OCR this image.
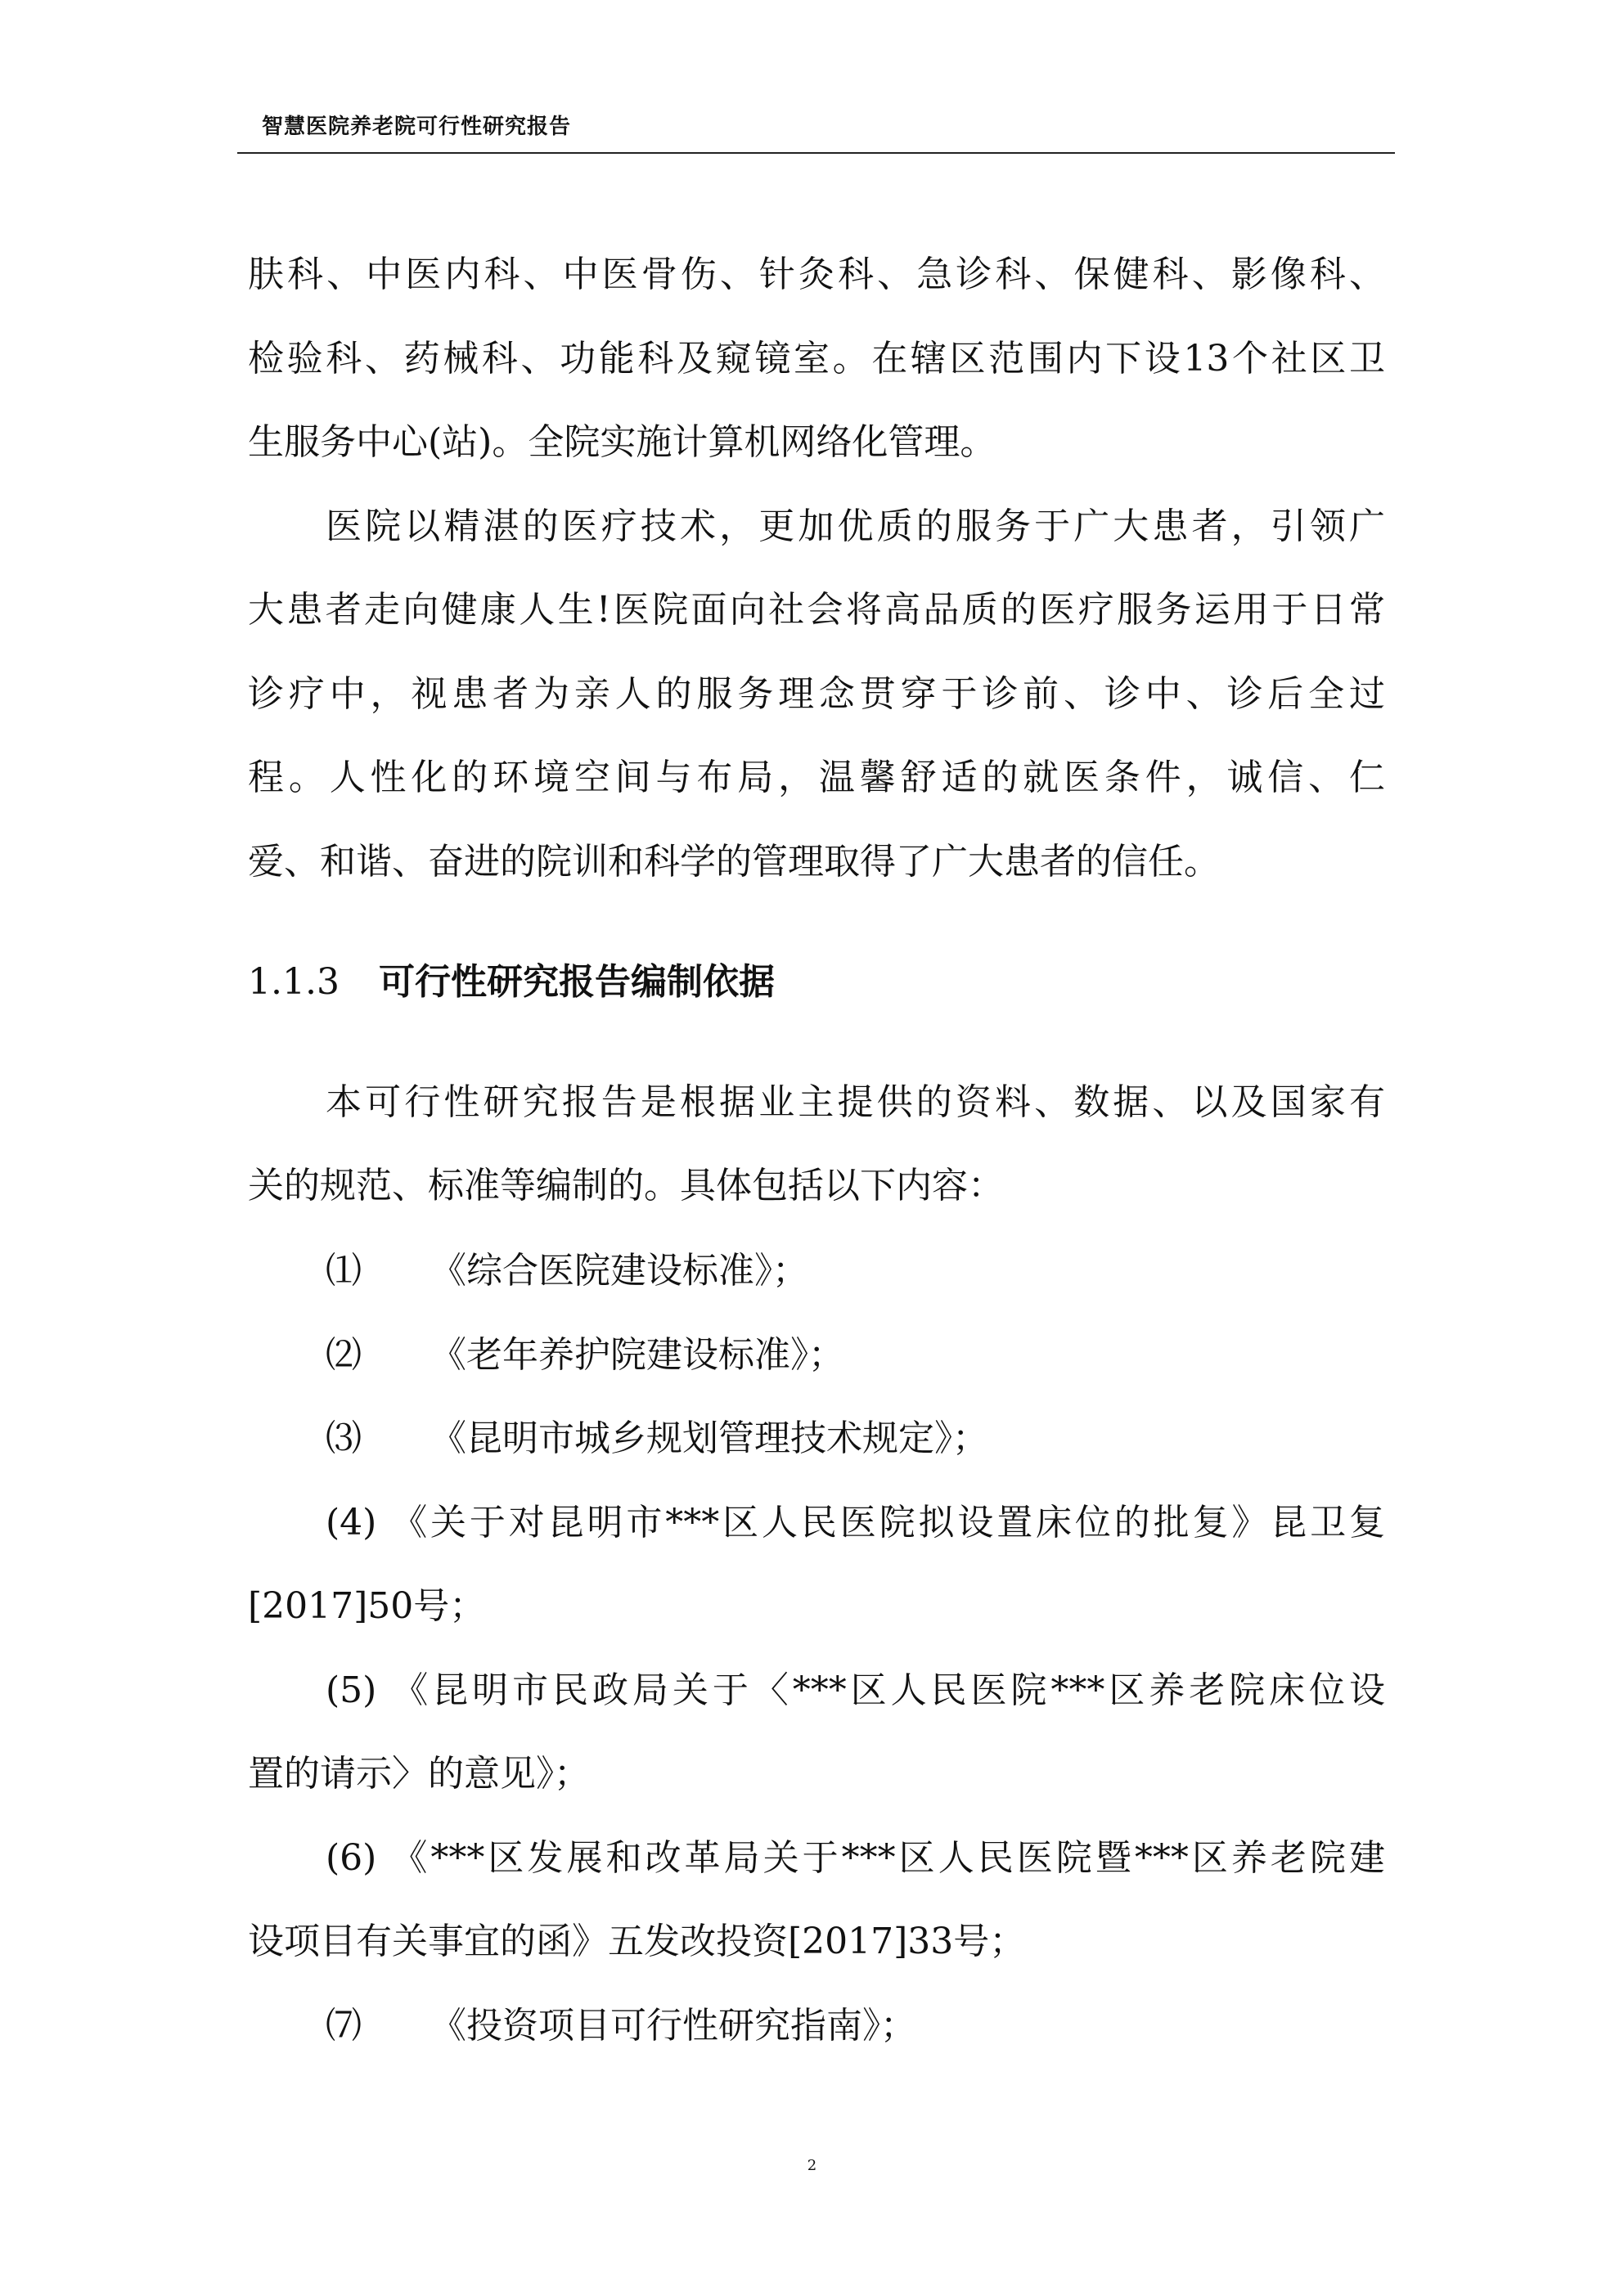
智慧医院养老院可行性研究报告
肤科、中医内科、中医骨伤、针灸科、急诊科、保健科、影像科、
检验科、药械科、功能科及窥镜室。在辖区范围内下设13个社区卫
生服务中心(站)。全院实施计算机网络化管理。
医院以精湛的医疗技术，更加优质的服务于广大患者，引领广
大患者走向健康人生!医院面向社会将高品质的医疗服务运用于日常
诊疗中，视患者为亲人的服务理念贯穿于诊前、诊中、诊后全过
程。人性化的环境空间与布局，温馨舒适的就医条件，诚信、仁
爱、和谐、奋进的院训和科学的管理取得了广大患者的信任。
1.1.3 可行性研究报告编制依据
本可行性研究报告是根据业主提供的资料、数据、以及国家有
关的规范、标准等编制的。具体包括以下内容：
⑴ 《综合医院建设标准》；
⑵ 《老年养护院建设标准》；
⑶ 《昆明市城乡规划管理技术规定》；
(4) 《关于对昆明市***区人民医院拟设置床位的批复》昆卫复
[2017]50号；
(5) 《昆明市民政局关于〈***区人民医院***区养老院床位设
置的请示〉的意见》；
(6) 《***区发展和改革局关于***区人民医院暨***区养老院建
设项目有关事宜的函》五发改投资[2017]33号；
⑺ 《投资项目可行性研究指南》；
2
